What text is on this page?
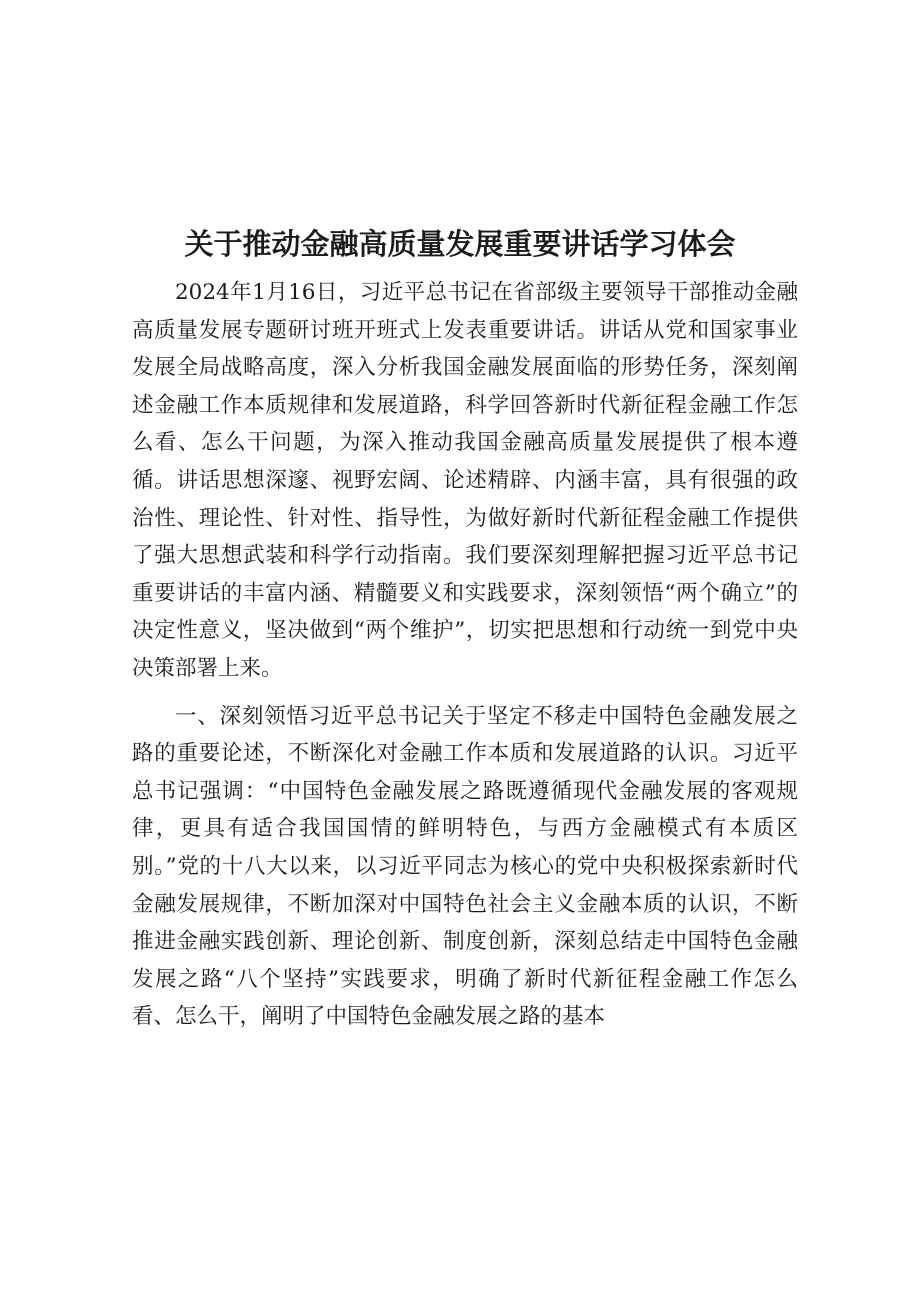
关于推动金融高质量发展重要讲话学习体会

2024年1月16日，习近平总书记在省部级主要领导干部推动金融高质量发展专题研讨班开班式上发表重要讲话。讲话从党和国家事业发展全局战略高度，深入分析我国金融发展面临的形势任务，深刻阐述金融工作本质规律和发展道路，科学回答新时代新征程金融工作怎么看、怎么干问题，为深入推动我国金融高质量发展提供了根本遵循。讲话思想深邃、视野宏阔、论述精辟、内涵丰富，具有很强的政治性、理论性、针对性、指导性，为做好新时代新征程金融工作提供了强大思想武装和科学行动指南。我们要深刻理解把握习近平总书记重要讲话的丰富内涵、精髓要义和实践要求，深刻领悟“两个确立”的决定性意义，坚决做到“两个维护”，切实把思想和行动统一到党中央决策部署上来。

一、深刻领悟习近平总书记关于坚定不移走中国特色金融发展之路的重要论述，不断深化对金融工作本质和发展道路的认识。习近平总书记强调：“中国特色金融发展之路既遵循现代金融发展的客观规律，更具有适合我国国情的鲜明特色，与西方金融模式有本质区别。”党的十八大以来，以习近平同志为核心的党中央积极探索新时代金融发展规律，不断加深对中国特色社会主义金融本质的认识，不断推进金融实践创新、理论创新、制度创新，深刻总结走中国特色金融发展之路“八个坚持”实践要求，明确了新时代新征程金融工作怎么看、怎么干，阐明了中国特色金融发展之路的基本
